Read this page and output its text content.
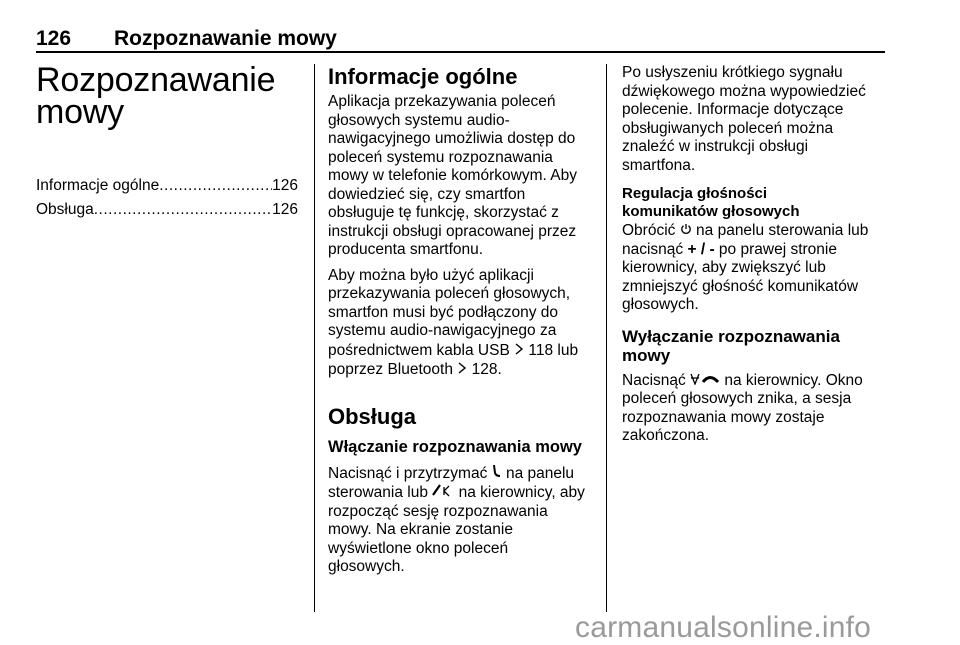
126 Rozpoznawanie mowy
Rozpoznawanie
mowy
Informacje ogólne .....	126
Obsługa .....	126
Informacje ogólne

Aplikacja przekazywania poleceń

głosowych systemu audio-

nawigacyjnego umożliwia dostęp do

poleceń systemu rozpoznawania

mowy w telefonie komórkowym. Aby

dowiedzieć się, czy smartfon

obsługuje tę funkcję, skorzystać z

instrukcji obsługi opracowanej przez

producenta smartfonu.

Aby można było użyć aplikacji

przekazywania poleceń głosowych,

smartfon musi być podłączony do

systemu audio-nawigacyjnego za

pośrednictwem kabla USB 118 lub

poprzez Bluetooth 128.

Obsługa
Włączanie rozpoznawania mowy

Nacisnąć i przytrzymać  na panelu

sterowania lub  na kierownicy, aby

rozpocząć sesję rozpoznawania

mowy. Na ekranie zostanie

wyświetlone okno poleceń

głosowych.

Po usłyszeniu krótkiego sygnału

dźwiękowego można wypowiedzieć

polecenie. Informacje dotyczące

obsługiwanych poleceń można

znaleźć w instrukcji obsługi

smartfona.

Regulacja głośności komunikatów głosowych

Obrócić  na panelu sterowania lub

nacisnąć + / - po prawej stronie

kierownicy, aby zwiększyć lub

zmniejszyć głośność komunikatów

głosowych.

Wyłączanie rozpoznawania mowy

Nacisnąć  na kierownicy. Okno

poleceń głosowych znika, a sesja

rozpoznawania mowy zostaje

zakończona.

carmanualsonline.info
